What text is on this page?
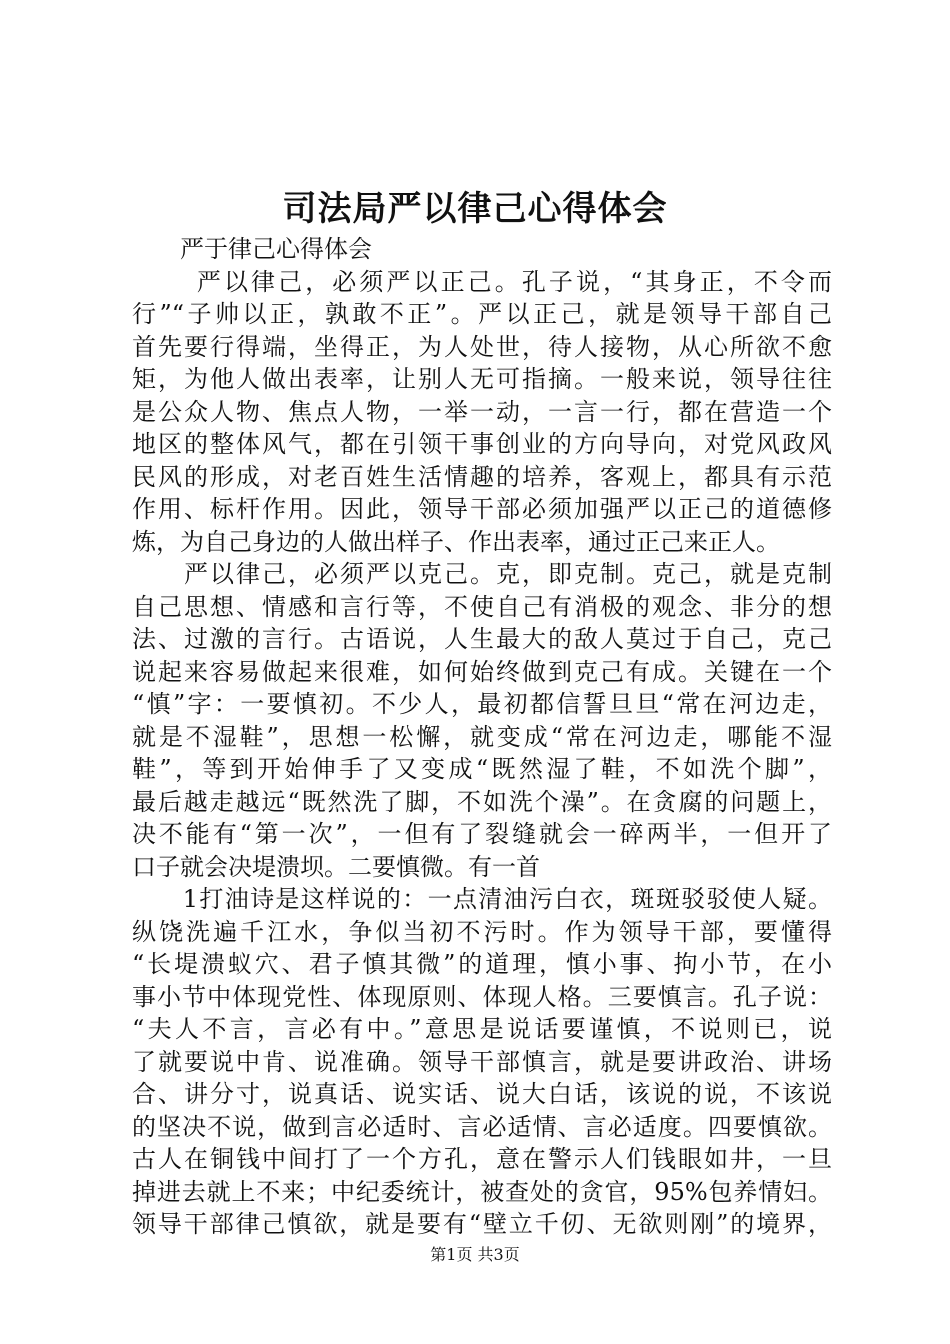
司法局严以律己心得体会
　　严于律己心得体会
　　 严以律己，必须严以正己。孔子说，“其身正，不令而
行”“子帅以正，孰敢不正”。严以正己，就是领导干部自己
首先要行得端，坐得正，为人处世，待人接物，从心所欲不愈
矩，为他人做出表率，让别人无可指摘。一般来说，领导往往
是公众人物、焦点人物，一举一动，一言一行，都在营造一个
地区的整体风气，都在引领干事创业的方向导向，对党风政风
民风的形成，对老百姓生活情趣的培养，客观上，都具有示范
作用、标杆作用。因此，领导干部必须加强严以正己的道德修
炼，为自己身边的人做出样子、作出表率，通过正己来正人。
　　严以律己，必须严以克己。克，即克制。克己，就是克制
自己思想、情感和言行等，不使自己有消极的观念、非分的想
法、过激的言行。古语说，人生最大的敌人莫过于自己，克己
说起来容易做起来很难，如何始终做到克己有成。关键在一个
“慎”字：一要慎初。不少人，最初都信誓旦旦“常在河边走，
就是不湿鞋”，思想一松懈，就变成“常在河边走，哪能不湿
鞋”，等到开始伸手了又变成“既然湿了鞋，不如洗个脚”，
最后越走越远“既然洗了脚，不如洗个澡”。在贪腐的问题上，
决不能有“第一次”，一但有了裂缝就会一碎两半，一但开了
口子就会决堤溃坝。二要慎微。有一首
　　1打油诗是这样说的：一点清油污白衣，斑斑驳驳使人疑。
纵饶洗遍千江水，争似当初不污时。作为领导干部，要懂得
“长堤溃蚁穴、君子慎其微”的道理，慎小事、拘小节，在小
事小节中体现党性、体现原则、体现人格。三要慎言。孔子说：
“夫人不言，言必有中。”意思是说话要谨慎，不说则已，说
了就要说中肯、说准确。领导干部慎言，就是要讲政治、讲场
合、讲分寸，说真话、说实话、说大白话，该说的说，不该说
的坚决不说，做到言必适时、言必适情、言必适度。四要慎欲。
古人在铜钱中间打了一个方孔，意在警示人们钱眼如井，一旦
掉进去就上不来；中纪委统计，被查处的贪官，95%包养情妇。
领导干部律己慎欲，就是要有“壁立千仞、无欲则刚”的境界，
第1页 共3页
